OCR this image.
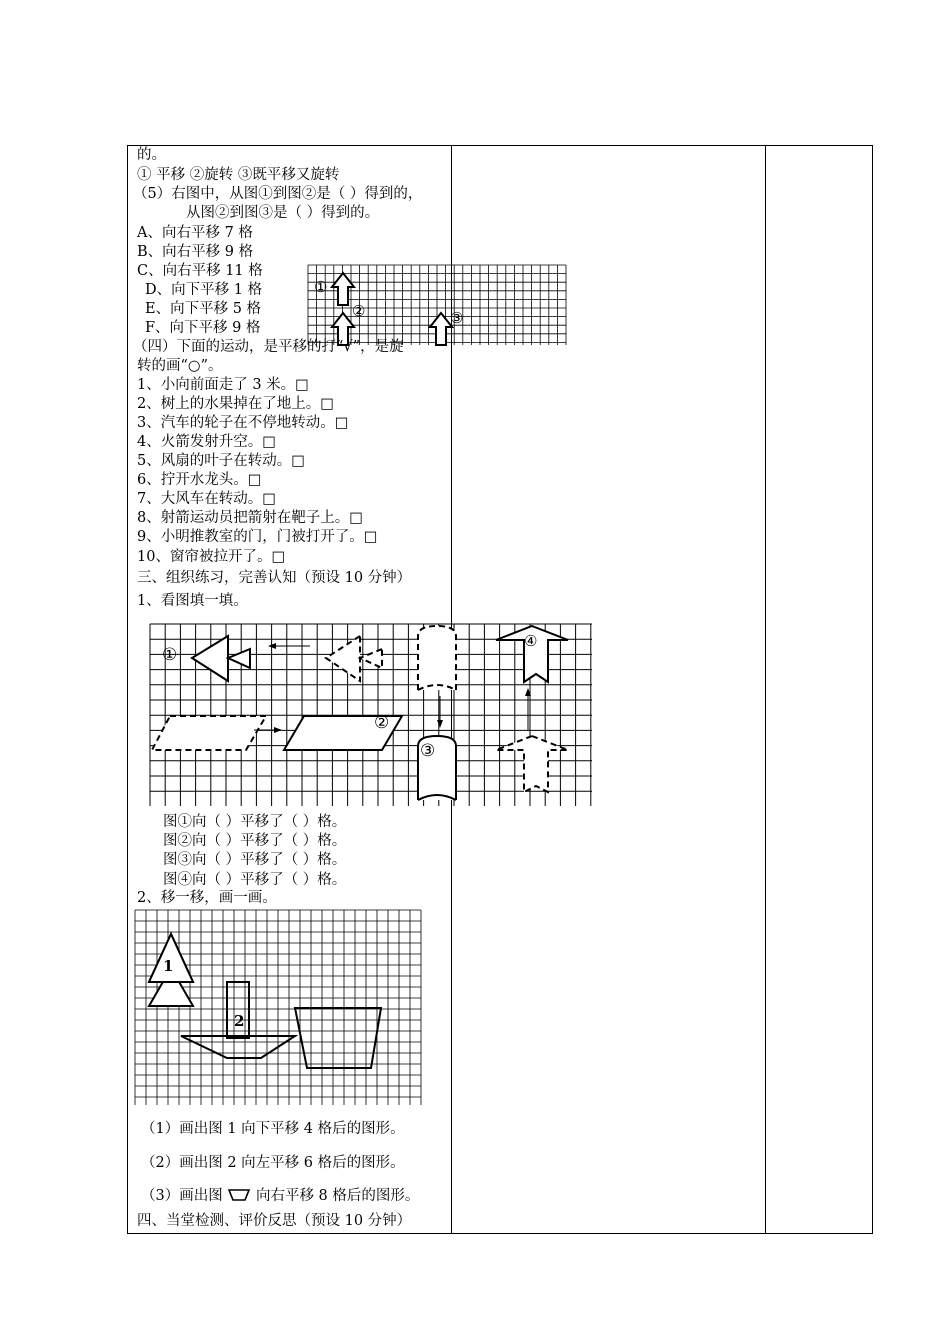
的。
① 平移 ②旋转 ③既平移又旋转
（5）右图中，从图①到图②是（ ）得到的，
从图②到图③是（ ）得到的。
A、向右平移 7 格
B、向右平移 9 格
C、向右平移 11 格
D、向下平移 1 格
E、向下平移 5 格
F、向下平移 9 格
①
②	③
（四）下面的运动，是平移的打“√”，是旋
转的画“○”。
1、小向前面走了 3 米。□
2、树上的水果掉在了地上。□
3、汽车的轮子在不停地转动。□
4、火箭发射升空。□
5、风扇的叶子在转动。□
6、拧开水龙头。□
7、大风车在转动。□
8、射箭运动员把箭射在靶子上。□
9、小明推教室的门，门被打开了。□
10、窗帘被拉开了。□
三、组织练习，完善认知（预设 10 分钟）
1、看图填一填。
①
②
③
④
图①向（ ）平移了（ ）格。
图②向（ ）平移了（ ）格。
图③向（ ）平移了（ ）格。
图④向（ ）平移了（ ）格。
2、移一移，画一画。
1
2
（1）画出图 1 向下平移 4 格后的图形。
（2）画出图 2 向左平移 6 格后的图形。
（3）画出图 向右平移 8 格后的图形。
四、当堂检测、评价反思（预设 10 分钟）
